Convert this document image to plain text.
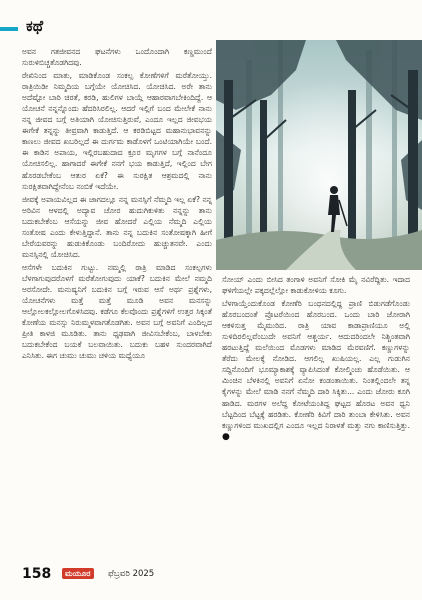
ಕಥೆ

ಅವನ ಗತಜೀವನದ ಘಟನೆಗಳು ಒಂದೊಂದಾಗಿ ಕಣ್ಣಮುಂದೆ ಸುರುಳಿಬಿಚ್ಚತೊಡಗಿದವು.

ರೇಖಿನಿಂದ ಮಾತು, ಮಾಡಿಕೊಂಡ ಸಂಕಲ್ಪ ಕೋಣೆಗಳಿಗೆ ಮರೆತೋಯ್ತು. ರಾತ್ರಿಯಿಡೀ ನಿಮ್ಮದಿಯ ಬಗ್ಗೆಯೇ ಯೋಚಿಸಿದ. ಯೋಚಿಸಿದ. ಅರೇ ತಾನು ಅದೆಷ್ಟೋ ಬಾರಿ ಚಿರತೆ, ಕರಡಿ, ಹುಲಿಗಳ ಬಾಯ್ಗೆ ಆಹಾರವಾಗಬೇಕಿಂದಿದ್ದೆ. ಆ ಯೋಚನೆ ನನ್ನನ್ನೊಂದು ಹೆದರಿಸಿರಲಿಲ್ಲ. ಆದರೆ ಇಲ್ಲಿಗೆ ಬಂದ ಮೇಲೇಕೆ ನಾನು ನನ್ನ ಜೀವದ ಬಗ್ಗೆ ಅತಿಯಾಗಿ ಯೋಚಿಸುತ್ತಿರುವೆ, ಎಂದೂ ಇಲ್ಲದ ಜೀವಭಯ ಈಗೇಕೆ ತನ್ನನ್ನು ತೀವ್ರವಾಗಿ ಕಾಡುತ್ತಿದೆ. ಆ ಕರಡಿಬಿಟ್ಟದ ಮಹಾನುಭಾವನನ್ನು ಕಾಣಲು ಜೀವದ ಖಬರಿಲ್ಲದೆ ಈ ದುರ್ಗಮ ಕಾಡೊಳಗೆ ಒಂಟಿಯಾಗಿಯೇ ಬಂದೆ. ಈ ಕಾಡಿನ ಅಪಾಯ, ಇಲ್ಲಿರಬಹುದಾದ ಕ್ರೂರ ಮೃಗಗಳ ಬಗ್ಗೆ ನಾನೆಂದೂ ಯೋಚಿಸಲಿಲ್ಲ. ಹಾಗಾದರೆ ಈಗೇಕೆ ನನಗೆ ಭಯ ಕಾಡುತ್ತಿದೆ, ಇಲ್ಲಿಂದ ಬೇಗ ಹೊರಡಬೇಕೆಂಬ ಆತುರ ಏಕೆ? ಈ ಸುರಕ್ಷಿತ ಆಶ್ರಮದಲ್ಲಿ ನಾನು ಸುರಕ್ಷಿತವಾಗಿದ್ದೇನೆಂಬ ನಂಬಿಕೆ ಇದೆಯೇ.

ಜೀವಕ್ಕೆ ಅಪಾಯವಿಲ್ಲದ ಈ ಜಾಗದಲ್ಲೂ ನನ್ನ ಮನಸ್ಸಿಗೆ ನೆಮ್ಮದಿ ಇಲ್ಲ ಏಕೆ? ನನ್ನ ಅರಿವಿನ ಆಳದಲ್ಲಿ ಅದ್ಯಾವ ಚೋರ ಹುದುಗಿಕುಳಿತು ನನ್ನನ್ನು ತಾನು ಬದುಕಬೇಕೆಂಬ ಆಸೆಯನ್ನು ಜೀವ ಹೋದರೆ ಎಲ್ಲಿಯ ನೆಮ್ಮದಿ ಎಲ್ಲಿಯ ಸಂತೋಷ ಎಂದು ಕೇಳುತ್ತಿದ್ದಾನೆ. ತಾನು ನನ್ನ ಬದುಕಿನ ಸಂತೋಷಕ್ಕಾಗಿ ಹೀಗೆ ಬೇರೆಯವರನ್ನು ಹುಡುಕಿಕೊಂಡು ಬಂದಿರೋದು ಹುಚ್ಚುತನವೇ. ಎಂದು ಮನಸ್ಸಿನಲ್ಲಿ ಯೋಚಿಸಿದ.

ಆಸೆಗಳೇ ಬದುಕಿನ ಗುಟ್ಟು. ನಮ್ಮಲ್ಲಿ ರಾತ್ರಿ ಮಾಡಿದ ಸಂಕಲ್ಪಗಳು ಬೆಳಗಾಗುವುದರೊಳಗೆ ಮರೆತೋಗುವುದು ಯಾಕೆ? ಬದುಕಿನ ಮೇಲೆ ನಮ್ಮದಿ ಅರಸೋದೇ. ಮನುಷ್ಯನಿಗೆ ಬದುಕಿನ ಬಗ್ಗೆ ಇರುವ ಆಸೆ ಅರ್ಥ ಪ್ರಶ್ನೆಗಳು, ಯೋಚನೆಗಳು ಮತ್ತೆ ಮತ್ತೆ ಮೂಡಿ ಅವನ ಮನಸನ್ನು ಆಲ್ಲೋಲಕಲ್ಲೋಲಗೊಳಿಸಿದವು. ಕಡೆಗೂ ಕೆಲವೊಂದು ಪ್ರಶ್ನೆಗಳಿಗೆ ಉತ್ತರ ಸಿಕ್ಕಂತೆ ಕೋಣೆಯ ಮನಸ್ಸು ನಿರುಮ್ಮಳವಾಗತೊಡಗಿತು. ಅವನ ಬಗ್ಗೆ ಅವನಿಗೆ ಎಂದಿಲ್ಲದ ಪ್ರೀತಿ ಕಾಳಜಿ ಮೂಡಿತು. ತಾನು ಧೃಢವಾಗಿ ಜೀವಿಸಬೇಕೆಂಬ, ಬಾಳಬೇಕು ಬದುಕಬೇಕೆಂದ ಬಯಕೆ ಬಲವಾಯಿತು. ಬದುಕು ಬಹಳ ಸುಂದರವಾಗಿದೆ ಎನಿಸಿತು. ಈಗ ಚುಮು ಚುಮು ಚಳಿಯ ಮಧ್ಯೆಯೂ

ಸೋಯ್ ಎಂದು ಬೀಸಿದ ತಂಗಾಳಿ ಅವನಿಗೆ ಸೋಕಿ ಮೈ ನವಿರೆದ್ದಿತು. ಇದಾದ ಘಳಿಗೆಯಲ್ಲೇ ಪಕ್ಕದಲ್ಲೆಲ್ಲೋ ಕಾಡುಕೋಳಿಯ ಕೂಗು.

ಬೆಳಗಾಯ್ತೆಂದುಕೊಂಡ ಕೋಣೆರಿ ಬಂಧನದಲ್ಲಿದ್ದ ಪ್ರಾಣಿ ಬಿಡುಗಡೆಗೊಂಡು ಹೊರಬಂದಂತೆ ಪ್ರೊಟರೆಯಿಂದ ಹೊರಬಂದ. ಒಂದು ಬಾರಿ ಜೋರಾಗಿ ಆಕಳಿಸುತ್ತ ಮೈಮುರಿದ. ರಾತ್ರಿ ಯಾವ ಕಾಡಾಪ್ರಾಣಿಯೂ ಅಲ್ಲಿ ಸುಳಿದಿರಲಿಲ್ಲವೆಂಬುದೇ ಅವನಿಗೆ ಆಶ್ಚರ್ಯ. ಆದುದರಿಂದಲೇ ನಿಶ್ಚಿಂತವಾಗಿ ಹರಟುತ್ತಿದ್ದೆ ಮಲೆಯಿಂದ ಮೊಡಗಳು ಮಾಡಿದ ಮೆರವಣಿಗೆ. ಕಣ್ಣುಗಳನ್ನು ತೆರೆದು ಮೇಲಕ್ಕೆ ನೋಡಿದ. ಆಗಲಿಲ್ಲ ಖುಷಿಯಲ್ಲ. ಎಲ್ಲ ಗುಡುಗಿನ ಸದ್ದಿನೊಂದಿಗೆ ಭೂಮ್ಯಾಕಾಶಕ್ಕೆ ವ್ಯಾಪಿಸಿದಂತೆ ಕೋಲ್ಮಿಂಚು ಹೊಡೆಯಿತು. ಆ ಮಿಂಚಿನ ಬೆಳಕಿನಲ್ಲಿ ಅವನಿಗೆ ಏನೋ ಕಂಡಂತಾಯಿತು. ನಿಂತಲ್ಲಿಂದಲೇ ತನ್ನ ಕೈಗಳನ್ನು ಮೇಲೆ ಮಾಡಿ ನನಗೆ ನೆಮ್ಮದಿ ದಾರಿ ಸಿಕ್ಕಿತು... ಎಂದು ಜೋರು ಕೂಗಿ ಹಾಡಿದ. ಮರಗಳ ಅಲೆದ್ದ ಕೋಟೆಯಂತಿದ್ದ ಘಟ್ಟದ ಹೊರಟ ಅವನ ಧ್ವನಿ ಬೆಟ್ಟದಿಂದ ಬೆಟ್ಟಕ್ಕೆ ಹರಡಿತು. ಕೋಣೆರಿ ಕಿವಿಗೆ ದಾರಿ ತುಂಬಾ ಕೇಳಿಸಿತು. ಅವನ ಕಣ್ಣುಗಳಿಂದ ಮುಖದಲ್ಲಿಗ ಎಂದೂ ಇಲ್ಲದ ನಿರಾಳತೆ ಮತ್ತು ನಗು ಕಾಣಿಸುತ್ತಿತ್ತು. ●

158	ಮಯೂರ	ಫೆಬ್ರವರಿ 2025
